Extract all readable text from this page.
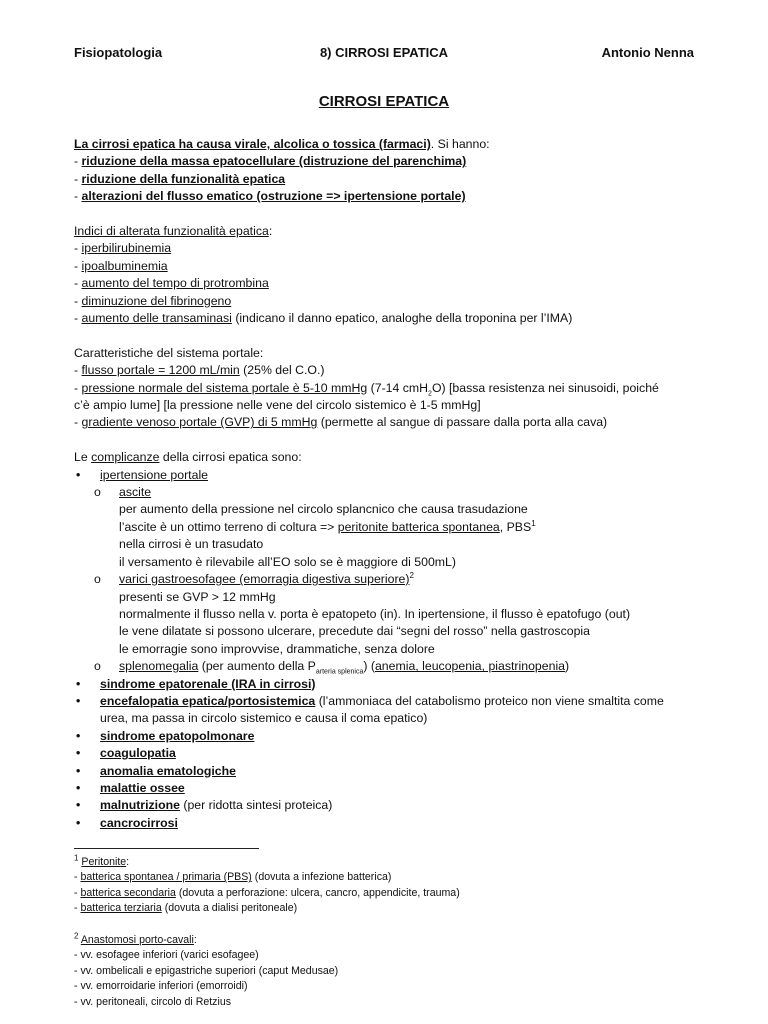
Fisiopatologia	8) CIRROSI EPATICA	Antonio Nenna
CIRROSI EPATICA
La cirrosi epatica ha causa virale, alcolica o tossica (farmaci). Si hanno:
- riduzione della massa epatocellulare (distruzione del parenchima)
- riduzione della funzionalità epatica
- alterazioni del flusso ematico (ostruzione => ipertensione portale)
Indici di alterata funzionalità epatica:
- iperbilirubinemia
- ipoalbuminemia
- aumento del tempo di protrombina
- diminuzione del fibrinogeno
- aumento delle transaminasi (indicano il danno epatico, analoghe della troponina per l’IMA)
Caratteristiche del sistema portale:
- flusso portale = 1200 mL/min (25% del C.O.)
- pressione normale del sistema portale è 5-10 mmHg (7-14 cmH$_2$O) [bassa resistenza nei sinusoidi, poiché
c’è ampio lume] [la pressione nelle vene del circolo sistemico è 1-5 mmHg]
- gradiente venoso portale (GVP) di 5 mmHg (permette al sangue di passare dalla porta alla cava)
Le complicanze della cirrosi epatica sono:
• ipertensione portale
o ascite
per aumento della pressione nel circolo splancnico che causa trasudazione
l’ascite è un ottimo terreno di coltura => peritonite batterica spontanea, PBS$^1$
nella cirrosi è un trasudato
il versamento è rilevabile all’EO solo se è maggiore di 500mL)
o varici gastroesofagee (emorragia digestiva superiore)$^2$
presenti se GVP > 12 mmHg
normalmente il flusso nella v. porta è epatopeto (in). In ipertensione, il flusso è epatofugo (out)
le vene dilatate si possono ulcerare, precedute dai “segni del rosso” nella gastroscopia
le emorragie sono improvvise, drammatiche, senza dolore
o splenomegalia (per aumento della $P_{arteria splenica}$) (anemia, leucopenia, piastrinopenia)
• sindrome epatorenale (IRA in cirrosi)
• encefalopatia epatica/portosistemica (l’ammoniaca del catabolismo proteico non viene smaltita come
urea, ma passa in circolo sistemico e causa il coma epatico)
• sindrome epatopolmonare
• coagulopatia
• anomalia ematologiche
• malattie ossee
• malnutrizione (per ridotta sintesi proteica)
• cancrocirrosi
$^1$ Peritonite:
- batterica spontanea / primaria (PBS) (dovuta a infezione batterica)
- batterica secondaria (dovuta a perforazione: ulcera, cancro, appendicite, trauma)
- batterica terziaria (dovuta a dialisi peritoneale)
$^2$ Anastomosi porto-cavali:
- vv. esofagee inferiori (varici esofagee)
- vv. ombelicali e epigastriche superiori (caput Medusae)
- vv. emorroidarie inferiori (emorroidi)
- vv. peritoneali, circolo di Retzius
